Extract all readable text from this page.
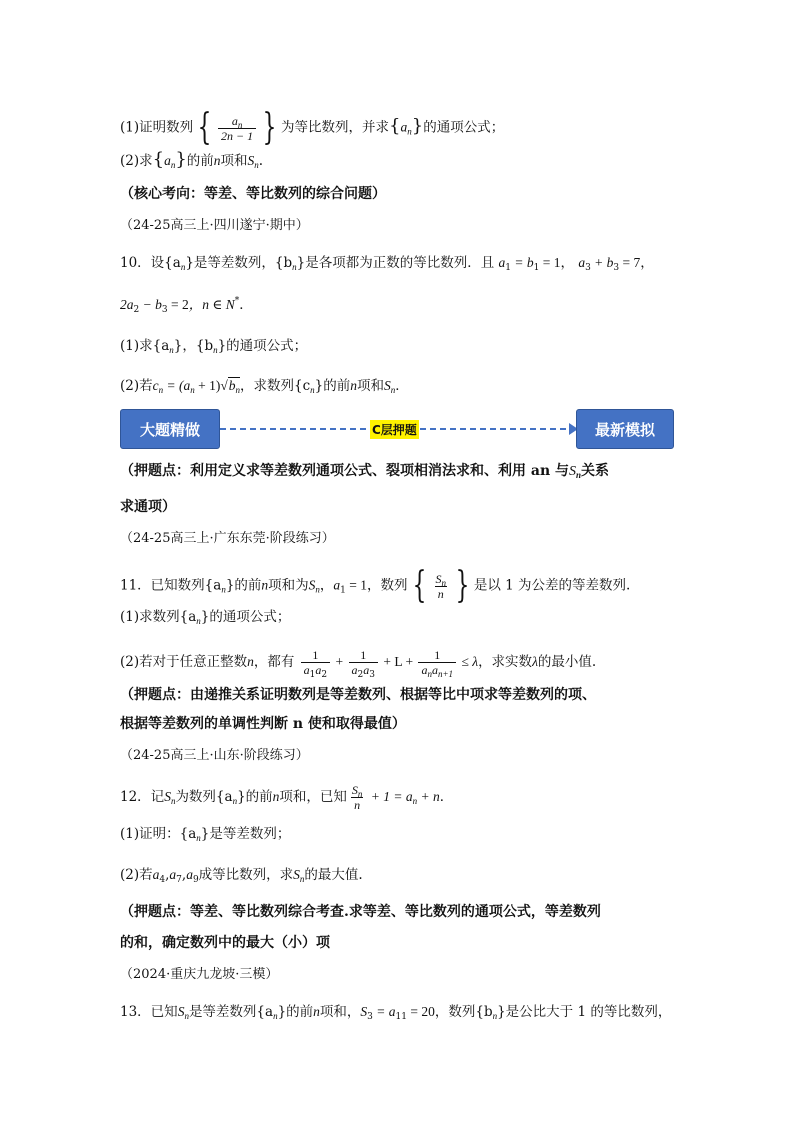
(1)证明数列 { $\frac{a_n}{2n - 1}$ } 为等比数列，并求$\{a_n\}$的通项公式；
(2)求$\{a_n\}$的前n项和$S_n$.
（核心考向：等差、等比数列的综合问题）
（24-25高三上·四川遂宁·期中）
10．设$\{a_n\}$是等差数列，$\{b_n\}$是各项都为正数的等比数列．且 $a_1 = b_1 = 1$， $a_3 + b_3 = 7$，
$2a_2 - b_3 = 2$，n ∈ N*．
(1)求$\{a_n\}$，$\{b_n\}$的通项公式；
(2)若$c_n = (a_n + 1)√b_n$，求数列$\{c_n\}$的前n项和$S_n$．
大题精做	C层押题	最新模拟
（押题点：利用定义求等差数列通项公式、裂项相消法求和、利用 an 与$S_n$关系
求通项）
（24-25高三上·广东东莞·阶段练习）
11．已知数列$\{a_n\}$的前n项和为$S_n$，$a_1 = 1$，数列 { $\frac{S_n}{n}$ } 是以 1 为公差的等差数列.
(1)求数列$\{a_n\}$的通项公式；
(2)若对于任意正整数n，都有 $\frac{1}{a_1a_2} + \frac{1}{a_2a_3} + L + \frac{1}{a_na_{n+1}} \le \lambda$，求实数λ的最小值.
（押题点：由递推关系证明数列是等差数列、根据等比中项求等差数列的项、
根据等差数列的单调性判断 n 使和取得最值）
（24-25高三上·山东·阶段练习）
12．记$S_n$为数列$\{a_n\}$的前n项和，已知 $\frac{S_n}{n} + 1 = a_n + n$．
(1)证明：$\{a_n\}$是等差数列；
(2)若$a_4,a_7,a_9$成等比数列，求$S_n$的最大值.
（押题点：等差、等比数列综合考查.求等差、等比数列的通项公式，等差数列
的和，确定数列中的最大（小）项
（2024·重庆九龙坡·三模）
13．已知$S_n$是等差数列$\{a_n\}$的前n项和，$S_3 = a_{11} = 20$，数列$\{b_n\}$是公比大于 1 的等比数列，
